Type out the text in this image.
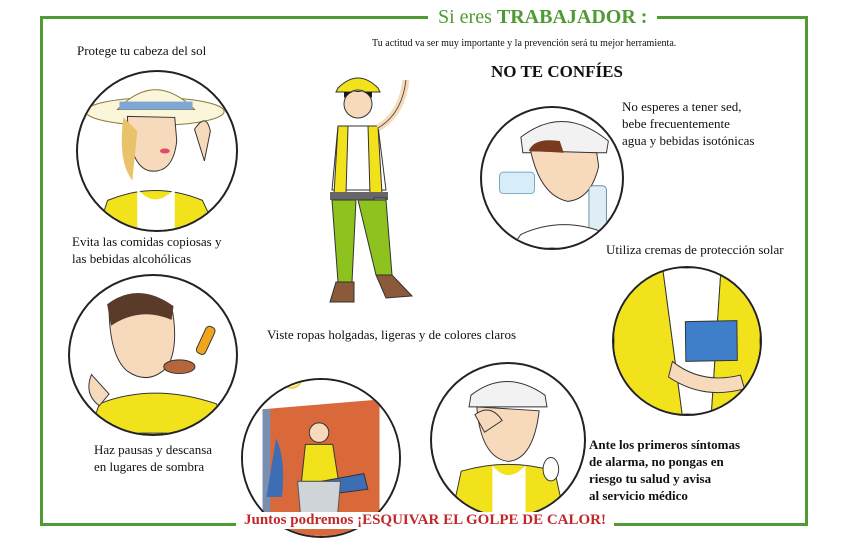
Si eres TRABAJADOR :
Tu actitud va ser muy importante y la prevención será tu mejor herramienta.
NO TE CONFÍES
Protege tu cabeza del sol
Evita las comidas copiosas y
las bebidas alcohólicas
Haz pausas y descansa
en lugares de sombra
Viste ropas holgadas, ligeras y de colores claros
No esperes a tener sed,
bebe frecuentemente
agua y bebidas isotónicas
Utiliza cremas de protección solar
Ante los primeros síntomas
de alarma, no pongas en
riesgo tu salud y avisa
al servicio médico
Juntos podremos ¡ESQUIVAR EL GOLPE DE CALOR!
